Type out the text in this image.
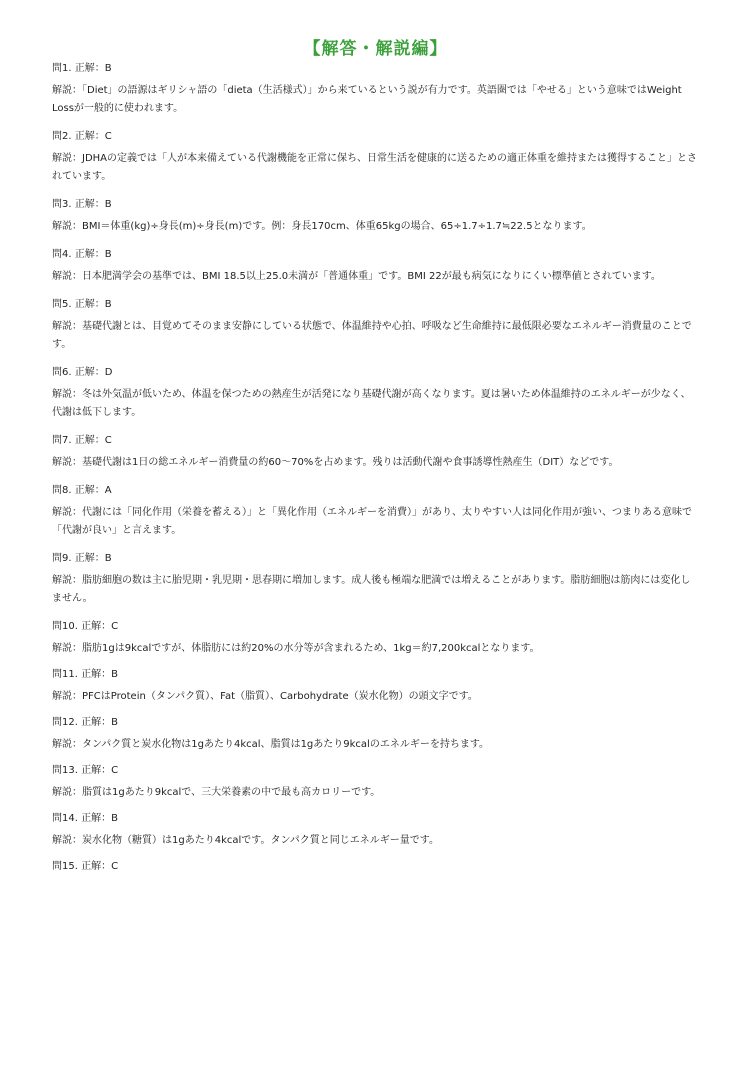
【解答・解説編】

問1. 正解：B

解説：「Diet」の語源はギリシャ語の「dieta（生活様式）」から来ているという説が有力です。英語圏では「やせる」という意味ではWeight Lossが一般的に使われます。

問2. 正解：C

解説：JDHAの定義では「人が本来備えている代謝機能を正常に保ち、日常生活を健康的に送るための適正体重を維持または獲得すること」とされています。

問3. 正解：B

解説：BMI＝体重(kg)÷身長(m)÷身長(m)です。例：身長170cm、体重65kgの場合、65÷1.7÷1.7≒22.5となります。

問4. 正解：B

解説：日本肥満学会の基準では、BMI 18.5以上25.0未満が「普通体重」です。BMI 22が最も病気になりにくい標準値とされています。

問5. 正解：B

解説：基礎代謝とは、目覚めてそのまま安静にしている状態で、体温維持や心拍、呼吸など生命維持に最低限必要なエネルギー消費量のことです。

問6. 正解：D

解説：冬は外気温が低いため、体温を保つための熱産生が活発になり基礎代謝が高くなります。夏は暑いため体温維持のエネルギーが少なく、代謝は低下します。

問7. 正解：C

解説：基礎代謝は1日の総エネルギー消費量の約60〜70%を占めます。残りは活動代謝や食事誘導性熱産生（DIT）などです。

問8. 正解：A

解説：代謝には「同化作用（栄養を蓄える）」と「異化作用（エネルギーを消費）」があり、太りやすい人は同化作用が強い、つまりある意味で「代謝が良い」と言えます。

問9. 正解：B

解説：脂肪細胞の数は主に胎児期・乳児期・思春期に増加します。成人後も極端な肥満では増えることがあります。脂肪細胞は筋肉には変化しません。

問10. 正解：C

解説：脂肪1gは9kcalですが、体脂肪には約20%の水分等が含まれるため、1kg＝約7,200kcalとなります。

問11. 正解：B

解説：PFCはProtein（タンパク質）、Fat（脂質）、Carbohydrate（炭水化物）の頭文字です。

問12. 正解：B

解説：タンパク質と炭水化物は1gあたり4kcal、脂質は1gあたり9kcalのエネルギーを持ちます。

問13. 正解：C

解説：脂質は1gあたり9kcalで、三大栄養素の中で最も高カロリーです。

問14. 正解：B

解説：炭水化物（糖質）は1gあたり4kcalです。タンパク質と同じエネルギー量です。

問15. 正解：C
